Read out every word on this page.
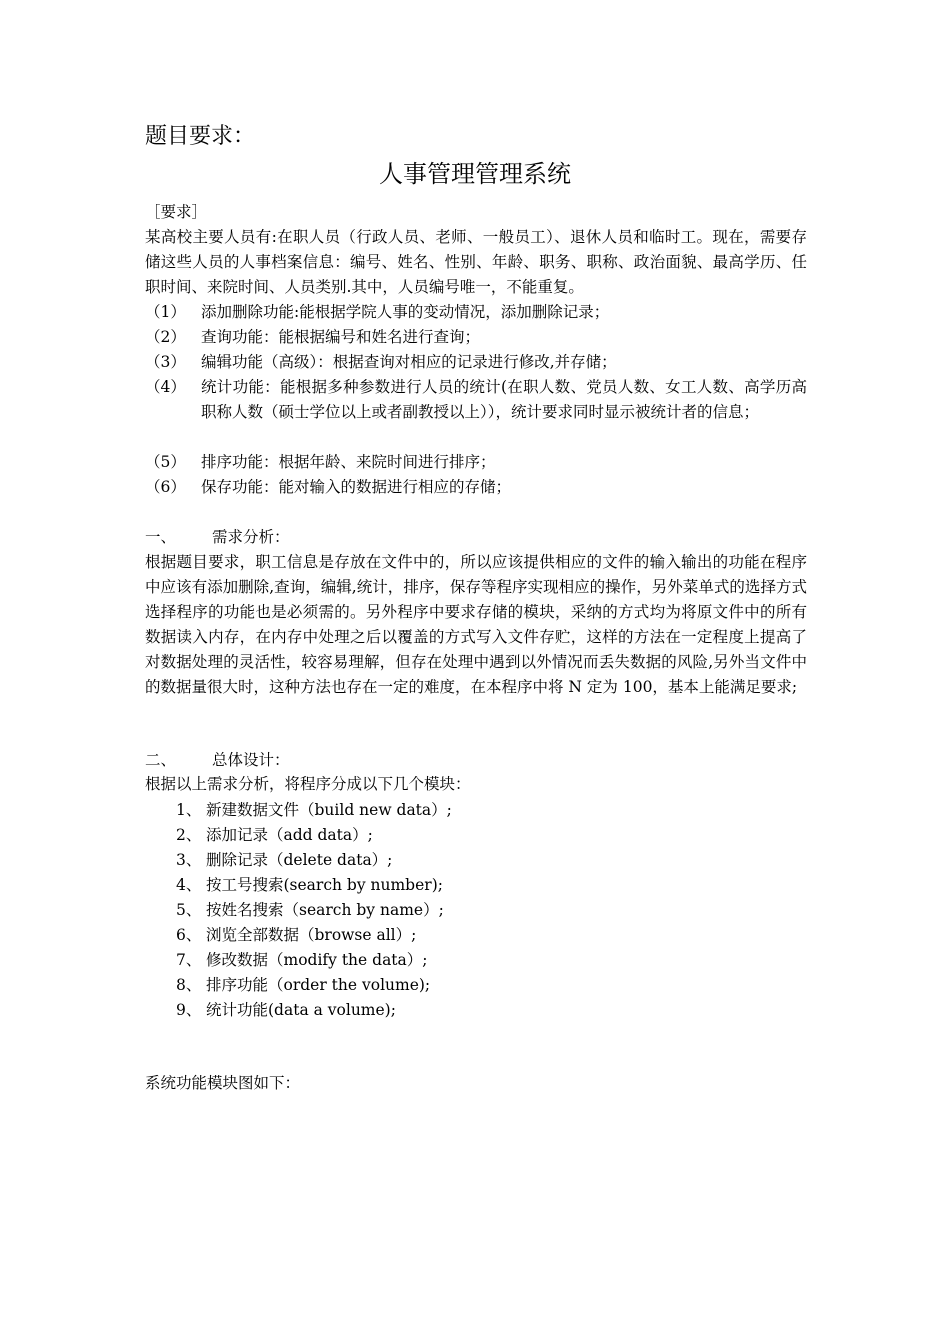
题目要求：
人事管理管理系统
［要求］
某高校主要人员有:在职人员（行政人员、老师、一般员工）、退休人员和临时工。现在，需要存储这些人员的人事档案信息：编号、姓名、性别、年龄、职务、职称、政治面貌、最高学历、任职时间、来院时间、人员类别.其中，人员编号唯一，不能重复。
（1） 添加删除功能:能根据学院人事的变动情况，添加删除记录；
（2） 查询功能：能根据编号和姓名进行查询；
（3） 编辑功能（高级）：根据查询对相应的记录进行修改,并存储；
（4） 统计功能：能根据多种参数进行人员的统计(在职人数、党员人数、女工人数、高学历高职称人数（硕士学位以上或者副教授以上）），统计要求同时显示被统计者的信息；
（5） 排序功能：根据年龄、来院时间进行排序；
（6） 保存功能：能对输入的数据进行相应的存储；
一、 需求分析：
根据题目要求，职工信息是存放在文件中的，所以应该提供相应的文件的输入输出的功能在程序中应该有添加删除,查询，编辑,统计，排序，保存等程序实现相应的操作，另外菜单式的选择方式选择程序的功能也是必须需的。另外程序中要求存储的模块，采纳的方式均为将原文件中的所有数据读入内存，在内存中处理之后以覆盖的方式写入文件存贮，这样的方法在一定程度上提高了对数据处理的灵活性，较容易理解，但存在处理中遇到以外情况而丢失数据的风险,另外当文件中的数据量很大时，这种方法也存在一定的难度，在本程序中将 N 定为 100，基本上能满足要求;
二、 总体设计：
根据以上需求分析，将程序分成以下几个模块：
1、 新建数据文件（build new data）;
2、 添加记录（add data）;
3、 删除记录（delete data）;
4、 按工号搜索(search by number);
5、 按姓名搜索（search by name）;
6、 浏览全部数据（browse all）;
7、 修改数据（modify the data）;
8、 排序功能（order the volume);
9、 统计功能(data a volume);
系统功能模块图如下：
